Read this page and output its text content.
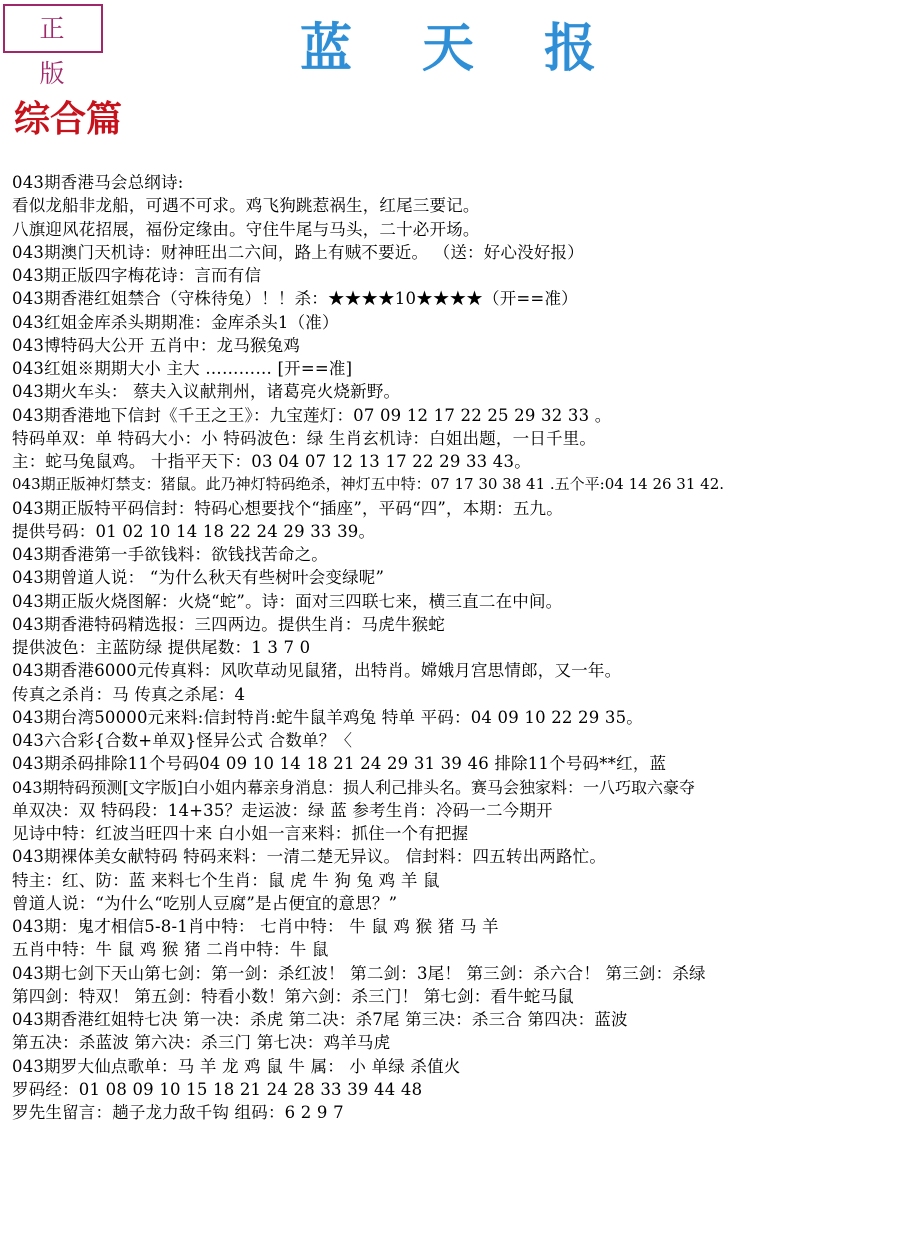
正 版	蓝天报
综合篇
043期香港马会总纲诗:
看似龙船非龙船，可遇不可求。鸡飞狗跳惹祸生，红尾三要记。
八旗迎风花招展，福份定缘由。守住牛尾与马头，二十必开场。
043期澳门天机诗：财神旺出二六间，路上有贼不要近。 （送：好心没好报）
043期正版四字梅花诗：言而有信
043期香港红姐禁合（守株待兔）！！杀：★★★★10★★★★（开==准）
043红姐金库杀头期期准：金库杀头1（准）
043博特码大公开 五肖中：龙马猴兔鸡
043红姐※期期大小 主大 ………… [开==准]
043期火车头： 蔡夫入议献荆州，诸葛亮火烧新野。
043期香港地下信封《千王之王》：九宝莲灯：07 09 12 17 22 25 29 32 33 。
特码单双：单 特码大小：小 特码波色：绿 生肖玄机诗：白姐出题，一日千里。
主：蛇马兔鼠鸡。 十指平天下：03 04 07 12 13 17 22 29 33 43。
043期正版神灯禁支：猪鼠。此乃神灯特码绝杀，神灯五中特：07 17 30 38 41 .五个平:04 14 26 31 42.
043期正版特平码信封：特码心想要找个“插座”，平码“四”，本期：五九。
提供号码：01 02 10 14 18 22 24 29 33 39。
043期香港第一手欲钱料：欲钱找苦命之。
043期曾道人说： “为什么秋天有些树叶会变绿呢”
043期正版火烧图解：火烧“蛇”。诗：面对三四联七来，横三直二在中间。
043期香港特码精选报：三四两边。提供生肖：马虎牛猴蛇
提供波色：主蓝防绿 提供尾数：1 3 7 0
043期香港6000元传真料：风吹草动见鼠猪，出特肖。嫦娥月宫思情郎，又一年。
传真之杀肖：马 传真之杀尾：4
043期台湾50000元来料:信封特肖:蛇牛鼠羊鸡兔 特单 平码：04 09 10 22 29 35。
043六合彩{合数+单双}怪异公式 合数单？〈
043期杀码排除11个号码04 09 10 14 18 21 24 29 31 39 46 排除11个号码**红，蓝
043期特码预测[文字版]白小姐内幕亲身消息：损人利己排头名。赛马会独家料：一八巧取六豪夺
单双决：双 特码段：14+35？走运波：绿 蓝 参考生肖：冷码一二今期开
见诗中特：红波当旺四十来 白小姐一言来料：抓住一个有把握
043期裸体美女献特码 特码来料：一清二楚无异议。 信封料：四五转出两路忙。
特主：红、防：蓝 来料七个生肖：鼠 虎 牛 狗 兔 鸡 羊 鼠
曾道人说：“为什么“吃别人豆腐”是占便宜的意思？”
043期：鬼才相信5-8-1肖中特： 七肖中特： 牛 鼠 鸡 猴 猪 马 羊
五肖中特：牛 鼠 鸡 猴 猪 二肖中特：牛 鼠
043期七剑下天山第七剑：第一剑：杀红波！ 第二剑：3尾！ 第三剑：杀六合！ 第三剑：杀绿
第四剑：特双！ 第五剑：特看小数！第六剑：杀三门！ 第七剑：看牛蛇马鼠
043期香港红姐特七决 第一决：杀虎 第二决：杀7尾 第三决：杀三合 第四决：蓝波
第五决：杀蓝波 第六决：杀三门 第七决：鸡羊马虎
043期罗大仙点歌单：马 羊 龙 鸡 鼠 牛 属： 小 单绿 杀值火
罗码经：01 08 09 10 15 18 21 24 28 33 39 44 48
罗先生留言：趟子龙力敌千钩 组码：6 2 9 7
